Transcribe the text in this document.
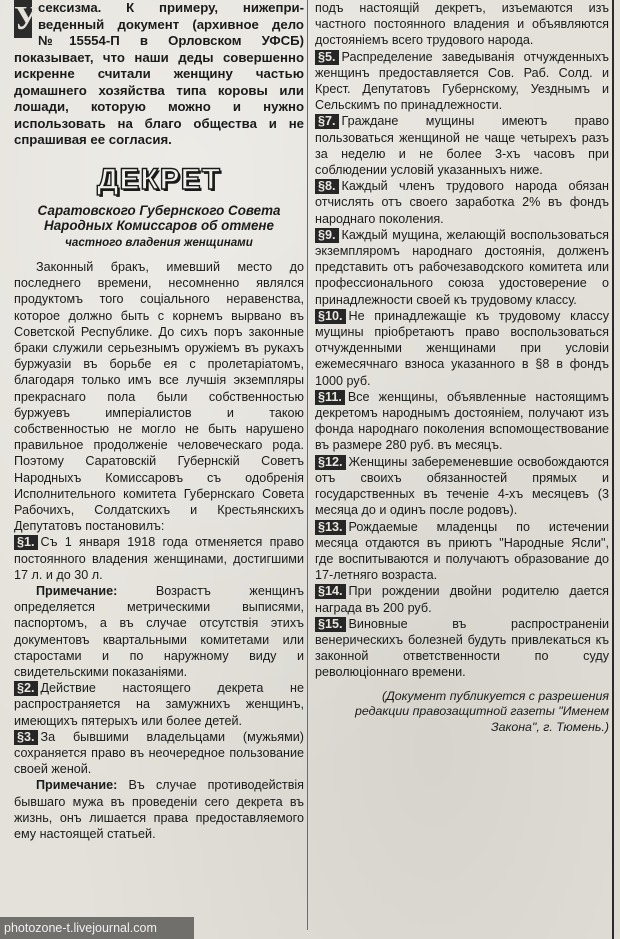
У сексизма. К примеру, нижепри- веденный документ (архивное дело №15554-П в Орловском УФСБ) показывает, что наши деды совершенно искренне считали женщину частью домашнего хозяйства типа коровы или лошади, которую можно и нужно использовать на благо общества и не спрашивая ее согласия.

ДЕКРЕТ
Саратовского Губернского Совета Народных Комиссаров об отмене
частного владения женщинами

Законный бракъ, имевший место до последнего времени, несомненно являлся продуктомъ того соціального неравенства, которое должно быть с корнемъ вырвано въ Советской Республике. До сихъ поръ законные браки служили серьезнымъ оружіемъ въ рукахъ буржуазіи въ борьбе ея с пролетаріатомъ, благодаря только имъ все лучшія экземпляры прекраснаго пола были собственностью буржуевъ имперіалистов и такою собственностью не могло не быть нарушено правильное продолженіе человеческаго рода. Поэтому Саратовскій Губернскій Советъ Народныхъ Комиссаровъ съ одобренія Исполнительного комитета Губернскаго Совета Рабочихъ, Солдатскихъ и Крестьянскихъ Депутатовъ постановилъ:

§1. Съ 1 января 1918 года отменяется право постоянного владения женщинами, достигшими 17 л. и до 30 л.

Примечание:	Возрастъ женщинъ определяется метрическими выписями, паспортомъ, а въ случае отсутствія этихъ документовъ квартальными комитетами или старостами и по наружному виду и свидетельскими показаніями.

§2. Действие настоящего декрета не распространяется на замужнихъ женщинъ, имеющихъ пятерыхъ или более детей.

§3. За бывшими владельцами (мужьями) сохраняется право въ неочередное пользование своей женой.

Примечание: Въ случае противодействія бывшаго мужа въ проведеніи сего декрета въ жизнь, онъ лишается права предоставляемого ему настоящей статьей.

подъ настоящій декретъ, изъемаются изъ частного постоянного владения и объявляются достояніемъ всего трудового народа.

§5. Распределение заведыванія отчужденныхъ женщинъ предоставляется Сов. Раб. Солд. и Крест. Депутатовъ Губернскому, Уезднымъ и Сельскимъ по принадлежности.

§7. Граждане мущины имеютъ право пользоваться женщиной не чаще четырехъ разъ за неделю и не более 3-хъ часовъ при соблюдении условій указанныхъ ниже.

§8. Каждый членъ трудового народа обязан отчислять отъ своего заработка 2% въ фондъ народнаго поколения.

§9. Каждый мущина, желающій воспользоваться экземпляромъ народнаго достоянія, долженъ представить отъ рабочезаводского комитета или профессионального союза удостоверение о принадлежности своей къ трудовому классу.

§10. Не принадлежащіе къ трудовому классу мущины пріобретаютъ право воспользоваться отчужденными женщинами при условіи ежемесячнаго взноса указанного в §8 в фондъ 1000 руб.

§11. Все женщины, объявленные настоящимъ декретомъ народнымъ достояніем, получают изъ фонда народнаго поколения вспомоществование въ размере 280 руб. въ месяцъ.

§12. Женщины забеременевшие освобождаются отъ своихъ обязанностей прямых и государственных въ теченіе 4-хъ месяцевъ (3 месяца до и одинъ после родовъ).

§13. Рождаемые младенцы по истечении месяца отдаются въ приютъ "Народные Ясли", где воспитываются и получаютъ образование до 17-летняго возраста.

§14. При рождении двойни родителю дается награда въ 200 руб.

§15. Виновные въ распространеніи венерическихъ болезней будуть привлекаться къ законной ответственности по суду революціоннаго времени.

(Документ публикуется с разрешения редакции правозащитной газеты "Именем Закона", г. Тюмень.)

photozone-t.livejournal.com
